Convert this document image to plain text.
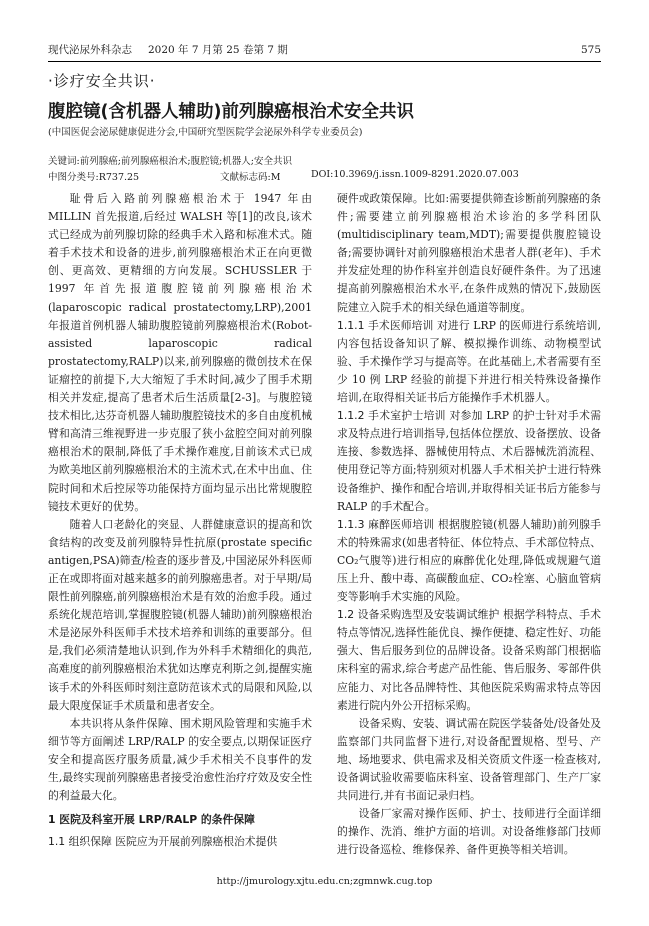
现代泌尿外科杂志 2020 年 7 月第 25 卷第 7 期	575
·诊疗安全共识·
腹腔镜(含机器人辅助)前列腺癌根治术安全共识
(中国医促会泌尿健康促进分会,中国研究型医院学会泌尿外科学专业委员会)
关键词:前列腺癌;前列腺癌根治术;腹腔镜;机器人;安全共识
中图分类号:R737.25	文献标志码:M	DOI:10.3969/j.issn.1009-8291.2020.07.003

耻骨后入路前列腺癌根治术于 1947 年由 MILLIN 首先报道,后经过 WALSH 等[1]的改良,该术式已经成为前列腺切除的经典手术入路和标准术式。随着手术技术和设备的进步,前列腺癌根治术正在向更微创、更高效、更精细的方向发展。SCHUSSLER 于 1997 年首先报道腹腔镜前列腺癌根治术(laparoscopic radical prostatectomy,LRP),2001 年报道首例机器人辅助腹腔镜前列腺癌根治术(Robot-assisted laparoscopic radical prostatectomy,RALP)以来,前列腺癌的微创技术在保证瘤控的前提下,大大缩短了手术时间,减少了围手术期相关并发症,提高了患者术后生活质量[2-3]。与腹腔镜技术相比,达芬奇机器人辅助腹腔镜技术的多自由度机械臂和高清三维视野进一步克服了狭小盆腔空间对前列腺癌根治术的限制,降低了手术操作难度,目前该术式已成为欧美地区前列腺癌根治术的主流术式,在术中出血、住院时间和术后控尿等功能保持方面均显示出比常规腹腔镜技术更好的优势。

随着人口老龄化的突显、人群健康意识的提高和饮食结构的改变及前列腺特异性抗原(prostate specific antigen,PSA)筛查/检查的逐步普及,中国泌尿外科医师正在或即将面对越来越多的前列腺癌患者。对于早期/局限性前列腺癌,前列腺癌根治术是有效的治愈手段。通过系统化规范培训,掌握腹腔镜(机器人辅助)前列腺癌根治术是泌尿外科医师手术技术培养和训练的重要部分。但是,我们必须清楚地认识到,作为外科手术精细化的典范,高难度的前列腺癌根治术犹如达摩克利斯之剑,提醒实施该手术的外科医师时刻注意防范该术式的局限和风险,以最大限度保证手术质量和患者安全。

本共识将从条件保障、围术期风险管理和实施手术细节等方面阐述 LRP/RALP 的安全要点,以期保证医疗安全和提高医疗服务质量,减少手术相关不良事件的发生,最终实现前列腺癌患者接受治愈性治疗疗效及安全性的利益最大化。

1 医院及科室开展 LRP/RALP 的条件保障

1.1 组织保障 医院应为开展前列腺癌根治术提供

硬件或政策保障。比如:需要提供筛查诊断前列腺癌的条件;需要建立前列腺癌根治术诊治的多学科团队(multidisciplinary team,MDT);需要提供腹腔镜设备;需要协调针对前列腺癌根治术患者人群(老年)、手术并发症处理的协作科室并创造良好硬件条件。为了迅速提高前列腺癌根治术水平,在条件成熟的情况下,鼓励医院建立入院手术的相关绿色通道等制度。

1.1.1 手术医师培训 对进行 LRP 的医师进行系统培训,内容包括设备知识了解、模拟操作训练、动物模型试验、手术操作学习与提高等。在此基础上,术者需要有至少 10 例 LRP 经验的前提下并进行相关特殊设备操作培训,在取得相关证书后方能操作手术机器人。

1.1.2 手术室护士培训 对参加 LRP 的护士针对手术需求及特点进行培训指导,包括体位摆放、设备摆放、设备连接、参数选择、器械使用特点、术后器械洗消流程、使用登记等方面;特别须对机器人手术相关护士进行特殊设备维护、操作和配合培训,并取得相关证书后方能参与 RALP 的手术配合。

1.1.3 麻醉医师培训 根据腹腔镜(机器人辅助)前列腺手术的特殊需求(如患者特征、体位特点、手术部位特点、CO₂气腹等)进行相应的麻醉优化处理,降低或规避气道压上升、酸中毒、高碳酸血症、CO₂栓塞、心脑血管病变等影响手术实施的风险。

1.2 设备采购选型及安装调试维护 根据学科特点、手术特点等情况,选择性能优良、操作便捷、稳定性好、功能强大、售后服务到位的品牌设备。设备采购部门根据临床科室的需求,综合考虑产品性能、售后服务、零部件供应能力、对比各品牌特性、其他医院采购需求特点等因素进行院内外公开招标采购。

设备采购、安装、调试需在院医学装备处/设备处及监察部门共同监督下进行,对设备配置规格、型号、产地、场地要求、供电需求及相关资质文件逐一检查核对,设备调试验收需要临床科室、设备管理部门、生产厂家共同进行,并有书面记录归档。

设备厂家需对操作医师、护士、技师进行全面详细的操作、洗消、维护方面的培训。对设备维修部门技师进行设备巡检、维修保养、备件更换等相关培训。

http://jmurology.xjtu.edu.cn;zgmnwk.cug.top
